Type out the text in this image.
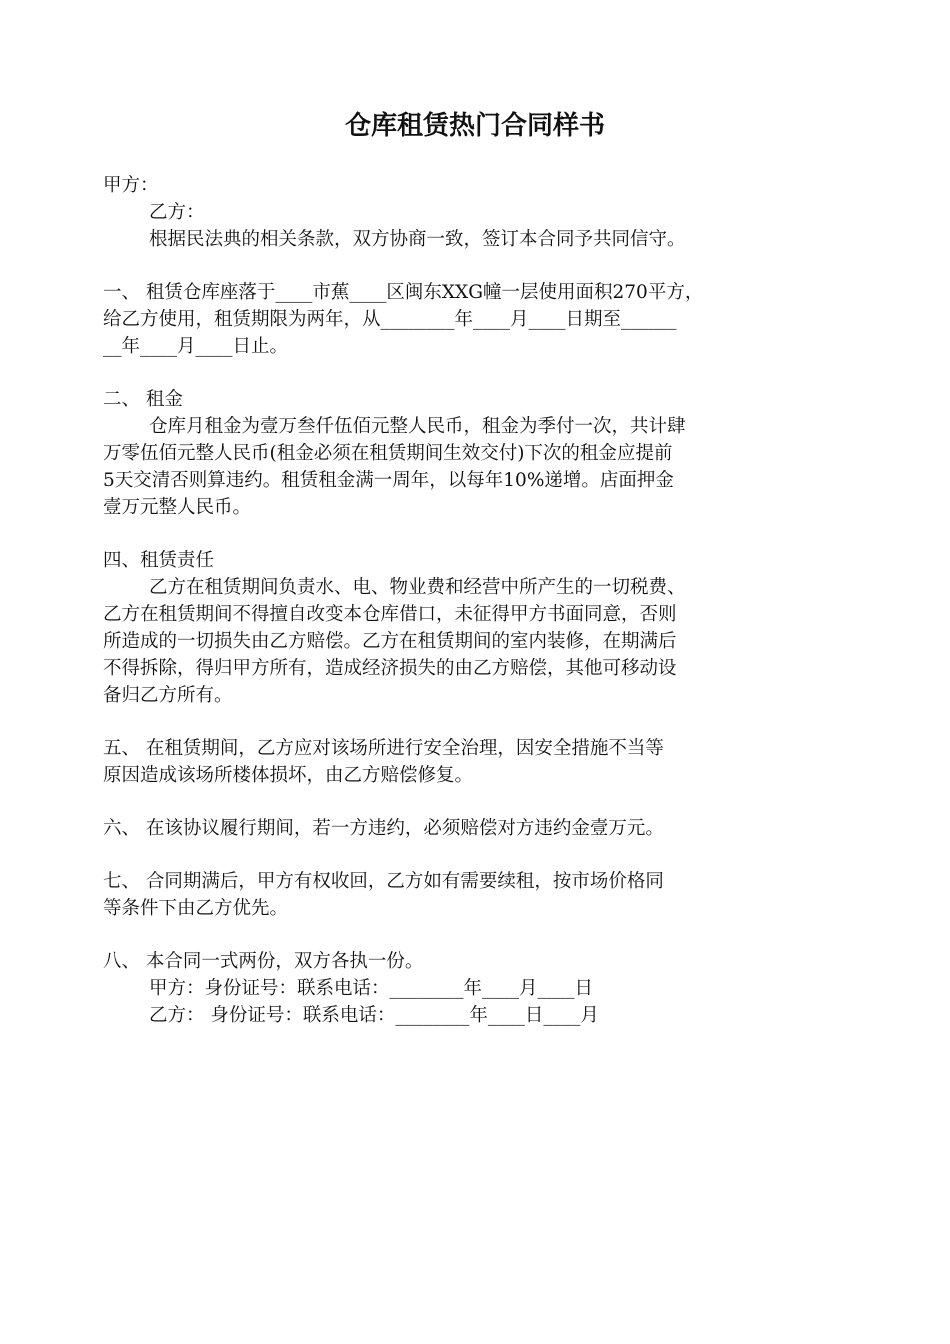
仓库租赁热门合同样书
甲方：
乙方：
根据民法典的相关条款，双方协商一致，签订本合同予共同信守。
一、 租赁仓库座落于____市蕉____区闽东XXG幢一层使用面积270平方，
给乙方使用，租赁期限为两年，从________年____月____日期至______
__年____月____日止。
二、 租金
仓库月租金为壹万叁仟伍佰元整人民币，租金为季付一次，共计肆
万零伍佰元整人民币(租金必须在租赁期间生效交付)下次的租金应提前
5天交清否则算违约。租赁租金满一周年，以每年10%递增。店面押金
壹万元整人民币。
四、租赁责任
乙方在租赁期间负责水、电、物业费和经营中所产生的一切税费、
乙方在租赁期间不得擅自改变本仓库借口，未征得甲方书面同意，否则
所造成的一切损失由乙方赔偿。乙方在租赁期间的室内装修，在期满后
不得拆除，得归甲方所有，造成经济损失的由乙方赔偿，其他可移动设
备归乙方所有。
五、 在租赁期间，乙方应对该场所进行安全治理，因安全措施不当等
原因造成该场所楼体损坏，由乙方赔偿修复。
六、 在该协议履行期间，若一方违约，必须赔偿对方违约金壹万元。
七、 合同期满后，甲方有权收回，乙方如有需要续租，按市场价格同
等条件下由乙方优先。
八、 本合同一式两份，双方各执一份。
甲方：身份证号：联系电话：________年____月____日
乙方： 身份证号：联系电话：________年____日____月
